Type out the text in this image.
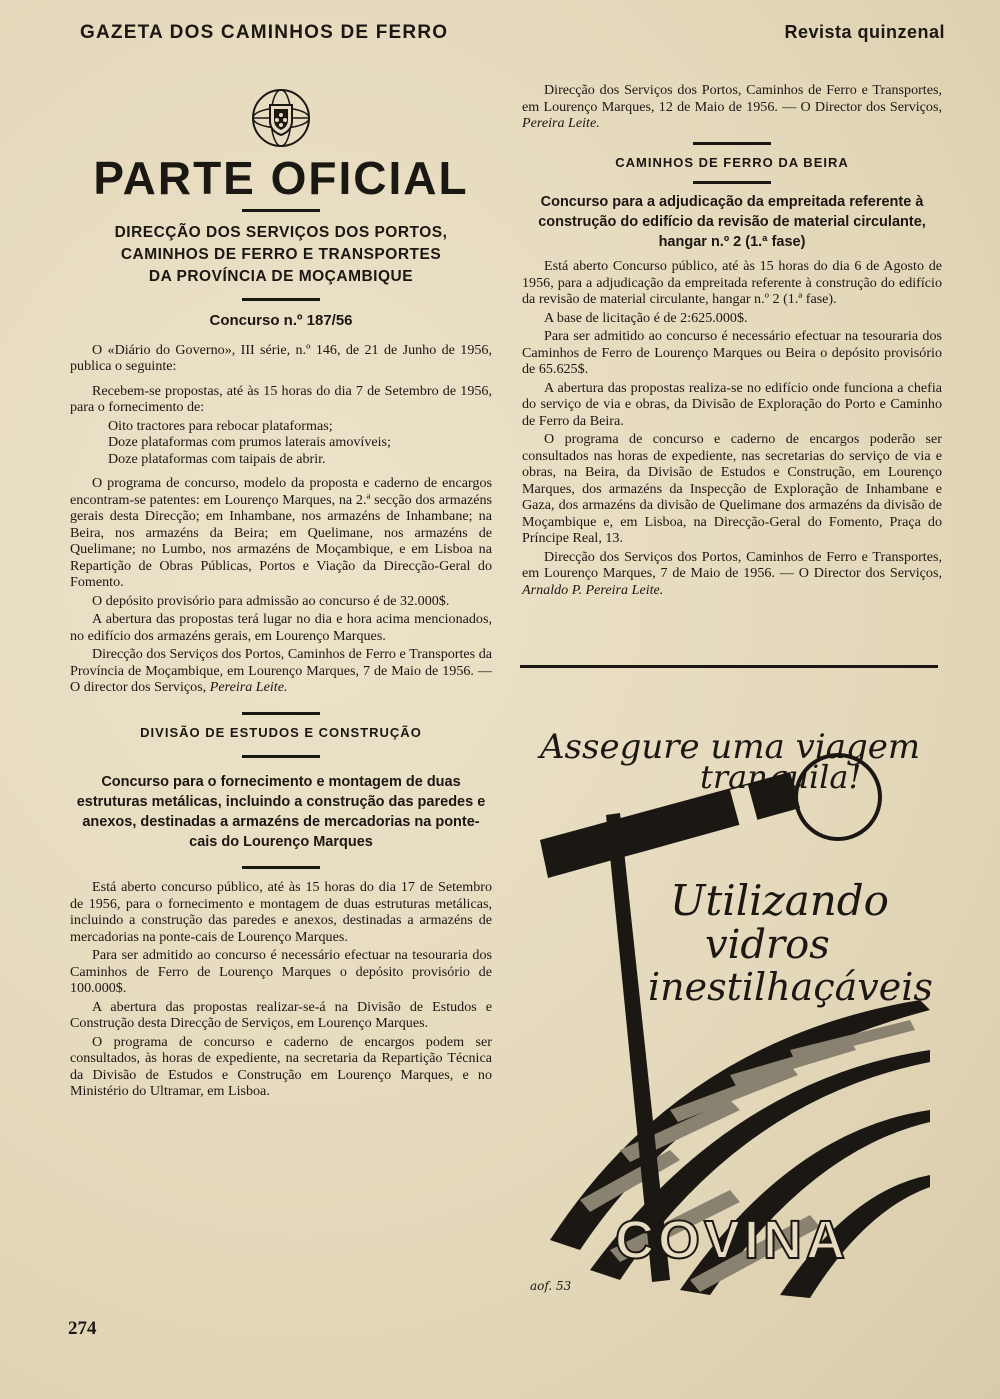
GAZETA DOS CAMINHOS DE FERRO	Revista quinzenal
PARTE OFICIAL
DIRECÇÃO DOS SERVIÇOS DOS PORTOS,
CAMINHOS DE FERRO E TRANSPORTES
DA PROVÍNCIA DE MOÇAMBIQUE
Concurso n.º 187/56

O «Diário do Governo», III série, n.º 146, de 21 de Junho de 1956, publica o seguinte:

Recebem-se propostas, até às 15 horas do dia 7 de Setembro de 1956, para o fornecimento de:

Oito tractores para rebocar plataformas;
Doze plataformas com prumos laterais amovíveis;
Doze plataformas com taipais de abrir.

O programa de concurso, modelo da proposta e caderno de encargos encontram-se patentes: em Lourenço Marques, na 2.ª secção dos armazéns gerais desta Direcção; em Inhambane, nos armazéns de Inhambane; na Beira, nos armazéns da Beira; em Quelimane, nos armazéns de Quelimane; no Lumbo, nos armazéns de Moçambique, e em Lisboa na Repartição de Obras Públicas, Portos e Viação da Direcção-Geral do Fomento.

O depósito provisório para admissão ao concurso é de 32.000$.

A abertura das propostas terá lugar no dia e hora acima mencionados, no edifício dos armazéns gerais, em Lourenço Marques.

Direcção dos Serviços dos Portos, Caminhos de Ferro e Transportes da Província de Moçambique, em Lourenço Marques, 7 de Maio de 1956. — O director dos Serviços, Pereira Leite.

DIVISÃO DE ESTUDOS E CONSTRUÇÃO
Concurso para o fornecimento e montagem de duas estruturas metálicas, incluindo a construção das paredes e anexos, destinadas a armazéns de mercadorias na ponte-cais do Lourenço Marques

Está aberto concurso público, até às 15 horas do dia 17 de Setembro de 1956, para o fornecimento e montagem de duas estruturas metálicas, incluindo a construção das paredes e anexos, destinadas a armazéns de mercadorias na ponte-cais de Lourenço Marques.

Para ser admitido ao concurso é necessário efectuar na tesouraria dos Caminhos de Ferro de Lourenço Marques o depósito provisório de 100.000$.

A abertura das propostas realizar-se-á na Divisão de Estudos e Construção desta Direcção de Serviços, em Lourenço Marques.

O programa de concurso e caderno de encargos podem ser consultados, às horas de expediente, na secretaria da Repartição Técnica da Divisão de Estudos e Construção em Lourenço Marques, e no Ministério do Ultramar, em Lisboa.

Direcção dos Serviços dos Portos, Caminhos de Ferro e Transportes, em Lourenço Marques, 12 de Maio de 1956. — O Director dos Serviços, Pereira Leite.

CAMINHOS DE FERRO DA BEIRA
Concurso para a adjudicação da empreitada referente à construção do edifício da revisão de material circulante, hangar n.º 2 (1.ª fase)

Está aberto Concurso público, até às 15 horas do dia 6 de Agosto de 1956, para a adjudicação da empreitada referente à construção do edifício da revisão de material circulante, hangar n.º 2 (1.ª fase).

A base de licitação é de 2:625.000$.

Para ser admitido ao concurso é necessário efectuar na tesouraria dos Caminhos de Ferro de Lourenço Marques ou Beira o depósito provisório de 65.625$.

A abertura das propostas realiza-se no edifício onde funciona a chefia do serviço de via e obras, da Divisão de Exploração do Porto e Caminho de Ferro da Beira.

O programa de concurso e caderno de encargos poderão ser consultados nas horas de expediente, nas secretarias do serviço de via e obras, na Beira, da Divisão de Estudos e Construção, em Lourenço Marques, dos armazéns da Inspecção de Exploração de Inhambane e Gaza, dos armazéns da divisão de Quelimane dos armazéns da divisão de Moçambique e, em Lisboa, na Direcção-Geral do Fomento, Praça do Príncipe Real, 13.

Direcção dos Serviços dos Portos, Caminhos de Ferro e Transportes, em Lourenço Marques, 7 de Maio de 1956. — O Director dos Serviços, Arnaldo P. Pereira Leite.

COVINA
Assegure uma viagem
tranquila!
Utilizando
vidros
inestilhaçáveis
aof. 53
274
